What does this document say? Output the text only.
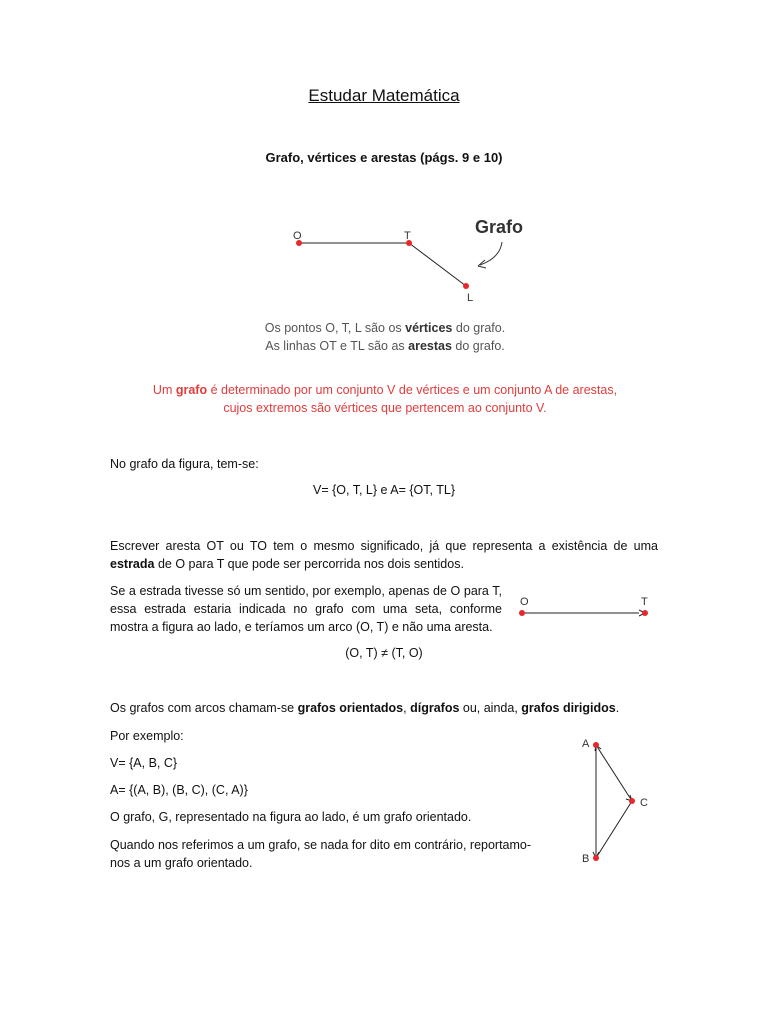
Estudar Matemática
Grafo, vértices e arestas (págs. 9 e 10)
O	T
L
Grafo
Os pontos O, T, L são os vértices do grafo.
As linhas OT e TL são as arestas do grafo.
Um grafo é determinado por um conjunto V de vértices e um conjunto A de arestas, cujos extremos são vértices que pertencem ao conjunto V.
No grafo da figura, tem-se:
V= {O, T, L} e A= {OT, TL}
Escrever aresta OT ou TO tem o mesmo significado, já que representa a existência de uma estrada de O para T que pode ser percorrida nos dois sentidos.
Se a estrada tivesse só um sentido, por exemplo, apenas de O para T, essa estrada estaria indicada no grafo com uma seta, conforme mostra a figura ao lado, e teríamos um arco (O, T) e não uma aresta.
O	T
(O, T) ≠ (T, O)
Os grafos com arcos chamam-se grafos orientados, dígrafos ou, ainda, grafos dirigidos.
Por exemplo:
V= {A, B, C}
A= {(A, B), (B, C), (C, A)}
O grafo, G, representado na figura ao lado, é um grafo orientado.
Quando nos referimos a um grafo, se nada for dito em contrário, reportamo-nos a um grafo orientado.
A
C
B
